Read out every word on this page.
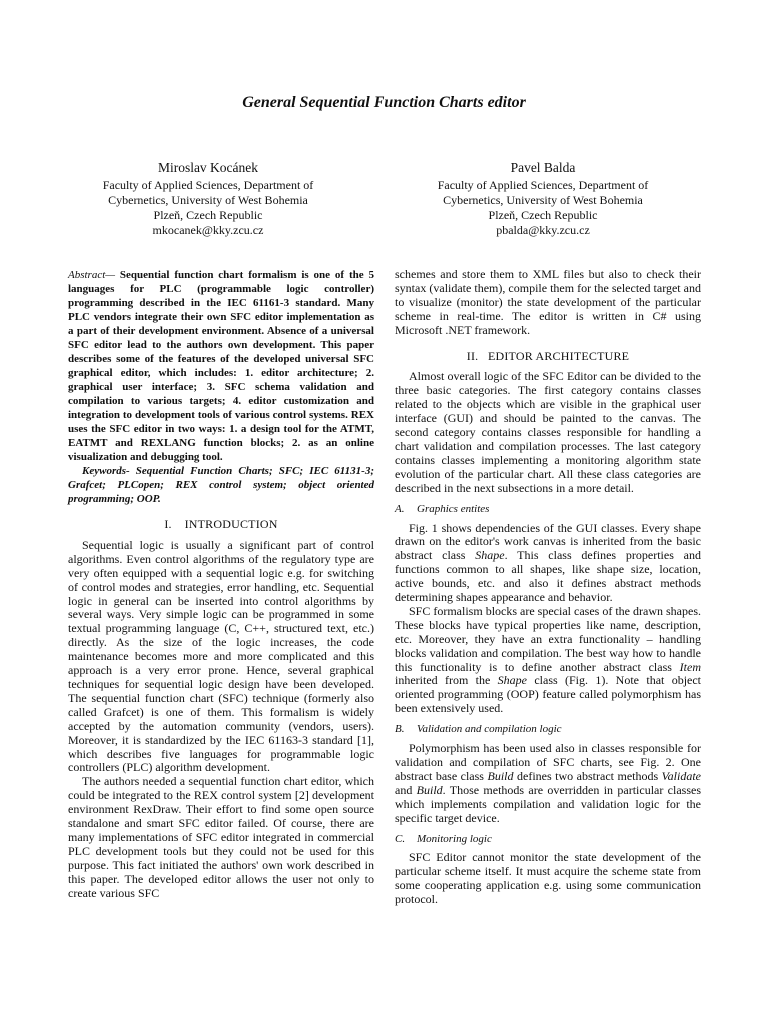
General Sequential Function Charts editor
Miroslav Kocánek
Faculty of Applied Sciences, Department of
Cybernetics, University of West Bohemia
Plzeň, Czech Republic
mkocanek@kky.zcu.cz
Pavel Balda
Faculty of Applied Sciences, Department of
Cybernetics, University of West Bohemia
Plzeň, Czech Republic
pbalda@kky.zcu.cz

Abstract— Sequential function chart formalism is one of the 5 languages for PLC (programmable logic controller) programming described in the IEC 61161-3 standard. Many PLC vendors integrate their own SFC editor implementation as a part of their development environment. Absence of a universal SFC editor lead to the authors own development. This paper describes some of the features of the developed universal SFC graphical editor, which includes: 1. editor architecture; 2. graphical user interface; 3. SFC schema validation and compilation to various targets; 4. editor customization and integration to development tools of various control systems. REX uses the SFC editor in two ways: 1. a design tool for the ATMT, EATMT and REXLANG function blocks; 2. as an online visualization and debugging tool.

Keywords- Sequential Function Charts; SFC; IEC 61131-3; Grafcet; PLCopen; REX control system; object oriented programming; OOP.

I. INTRODUCTION

Sequential logic is usually a significant part of control algorithms. Even control algorithms of the regulatory type are very often equipped with a sequential logic e.g. for switching of control modes and strategies, error handling, etc. Sequential logic in general can be inserted into control algorithms by several ways. Very simple logic can be programmed in some textual programming language (C, C++, structured text, etc.) directly. As the size of the logic increases, the code maintenance becomes more and more complicated and this approach is a very error prone. Hence, several graphical techniques for sequential logic design have been developed. The sequential function chart (SFC) technique (formerly also called Grafcet) is one of them. This formalism is widely accepted by the automation community (vendors, users). Moreover, it is standardized by the IEC 61163-3 standard [1], which describes five languages for programmable logic controllers (PLC) algorithm development.

The authors needed a sequential function chart editor, which could be integrated to the REX control system [2] development environment RexDraw. Their effort to find some open source standalone and smart SFC editor failed. Of course, there are many implementations of SFC editor integrated in commercial PLC development tools but they could not be used for this purpose. This fact initiated the authors' own work described in this paper. The developed editor allows the user not only to create various SFC

schemes and store them to XML files but also to check their syntax (validate them), compile them for the selected target and to visualize (monitor) the state development of the particular scheme in real-time. The editor is written in C# using Microsoft .NET framework.

II. EDITOR ARCHITECTURE

Almost overall logic of the SFC Editor can be divided to the three basic categories. The first category contains classes related to the objects which are visible in the graphical user interface (GUI) and should be painted to the canvas. The second category contains classes responsible for handling a chart validation and compilation processes. The last category contains classes implementing a monitoring algorithm state evolution of the particular chart. All these class categories are described in the next subsections in a more detail.

A. Graphics entites

Fig. 1 shows dependencies of the GUI classes. Every shape drawn on the editor's work canvas is inherited from the basic abstract class Shape. This class defines properties and functions common to all shapes, like shape size, location, active bounds, etc. and also it defines abstract methods determining shapes appearance and behavior.

SFC formalism blocks are special cases of the drawn shapes. These blocks have typical properties like name, description, etc. Moreover, they have an extra functionality – handling blocks validation and compilation. The best way how to handle this functionality is to define another abstract class Item inherited from the Shape class (Fig. 1). Note that object oriented programming (OOP) feature called polymorphism has been extensively used.

B. Validation and compilation logic

Polymorphism has been used also in classes responsible for validation and compilation of SFC charts, see Fig. 2. One abstract base class Build defines two abstract methods Validate and Build. Those methods are overridden in particular classes which implements compilation and validation logic for the specific target device.

C. Monitoring logic

SFC Editor cannot monitor the state development of the particular scheme itself. It must acquire the scheme state from some cooperating application e.g. using some communication protocol.
